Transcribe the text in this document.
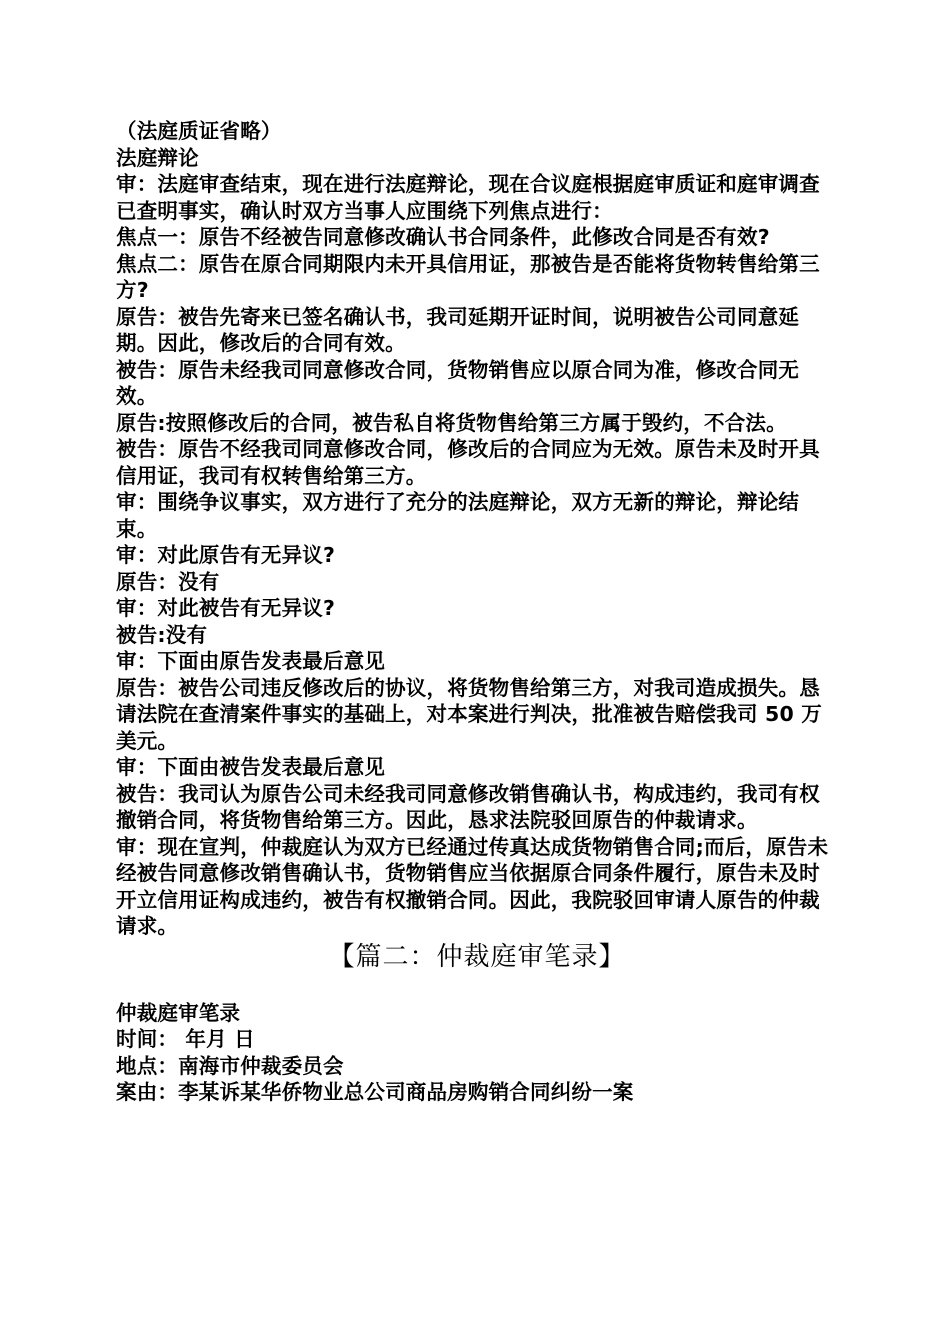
（法庭质证省略）

法庭辩论

审：法庭审查结束，现在进行法庭辩论，现在合议庭根据庭审质证和庭审调查已查明事实，确认时双方当事人应围绕下列焦点进行：

焦点一：原告不经被告同意修改确认书合同条件，此修改合同是否有效?

焦点二：原告在原合同期限内未开具信用证，那被告是否能将货物转售给第三方?

原告：被告先寄来已签名确认书，我司延期开证时间，说明被告公司同意延期。因此，修改后的合同有效。

被告：原告未经我司同意修改合同，货物销售应以原合同为准，修改合同无效。

原告:按照修改后的合同，被告私自将货物售给第三方属于毁约，不合法。

被告：原告不经我司同意修改合同，修改后的合同应为无效。原告未及时开具信用证，我司有权转售给第三方。

审：围绕争议事实，双方进行了充分的法庭辩论，双方无新的辩论，辩论结束。

审：对此原告有无异议?

原告：没有

审：对此被告有无异议?

被告:没有

审：下面由原告发表最后意见

原告：被告公司违反修改后的协议，将货物售给第三方，对我司造成损失。恳请法院在查清案件事实的基础上，对本案进行判决，批准被告赔偿我司 50 万美元。

审：下面由被告发表最后意见

被告：我司认为原告公司未经我司同意修改销售确认书，构成违约，我司有权撤销合同，将货物售给第三方。因此，恳求法院驳回原告的仲裁请求。

审：现在宣判，仲裁庭认为双方已经通过传真达成货物销售合同;而后，原告未经被告同意修改销售确认书，货物销售应当依据原合同条件履行，原告未及时开立信用证构成违约，被告有权撤销合同。因此，我院驳回审请人原告的仲裁请求。

【篇二：仲裁庭审笔录】

仲裁庭审笔录

时间： 年月 日

地点：南海市仲裁委员会

案由：李某诉某华侨物业总公司商品房购销合同纠纷一案
